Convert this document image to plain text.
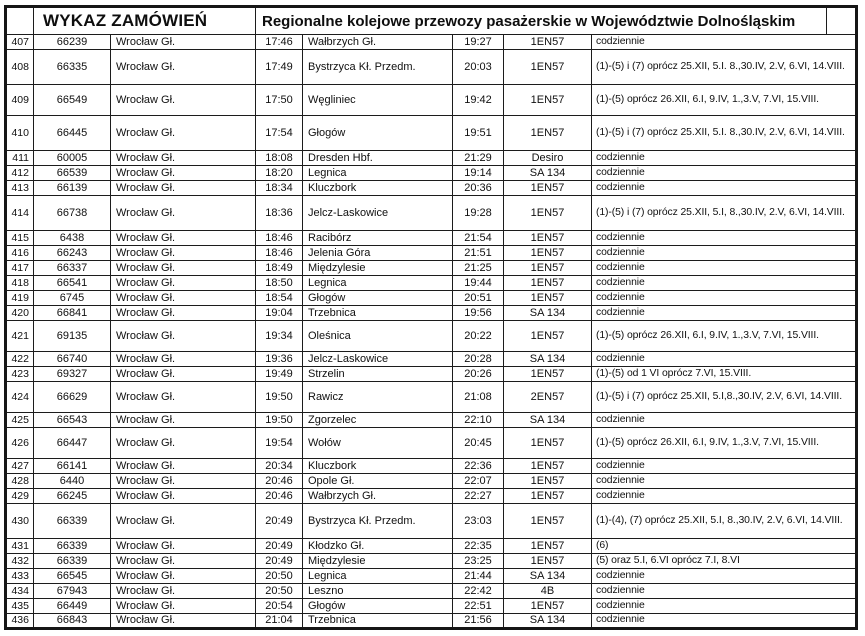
	WYKAZ ZAMÓWIEŃ		Regionalne kolejowe przewozy pasażerskie w Województwie Dolnośląskim				
407	66239	Wrocław Gł.	17:46	Wałbrzych Gł.	19:27	1EN57	codziennie
408	66335	Wrocław Gł.	17:49	Bystrzyca Kł. Przedm.	20:03	1EN57	(1)-(5) i (7) oprócz 25.XII, 5.I. 8.,30.IV, 2.V, 6.VI, 14.VIII.
409	66549	Wrocław Gł.	17:50	Węgliniec	19:42	1EN57	(1)-(5) oprócz 26.XII, 6.I, 9.IV, 1.,3.V, 7.VI, 15.VIII.
410	66445	Wrocław Gł.	17:54	Głogów	19:51	1EN57	(1)-(5) i (7) oprócz 25.XII, 5.I. 8.,30.IV, 2.V, 6.VI, 14.VIII.
411	60005	Wrocław Gł.	18:08	Dresden Hbf.	21:29	Desiro	codziennie
412	66539	Wrocław Gł.	18:20	Legnica	19:14	SA 134	codziennie
413	66139	Wrocław Gł.	18:34	Kluczbork	20:36	1EN57	codziennie
414	66738	Wrocław Gł.	18:36	Jelcz-Laskowice	19:28	1EN57	(1)-(5) i (7) oprócz 25.XII, 5.I, 8.,30.IV, 2.V, 6.VI, 14.VIII.
415	6438	Wrocław Gł.	18:46	Racibórz	21:54	1EN57	codziennie
416	66243	Wrocław Gł.	18:46	Jelenia Góra	21:51	1EN57	codziennie
417	66337	Wrocław Gł.	18:49	Międzylesie	21:25	1EN57	codziennie
418	66541	Wrocław Gł.	18:50	Legnica	19:44	1EN57	codziennie
419	6745	Wrocław Gł.	18:54	Głogów	20:51	1EN57	codziennie
420	66841	Wrocław Gł.	19:04	Trzebnica	19:56	SA 134	codziennie
421	69135	Wrocław Gł.	19:34	Oleśnica	20:22	1EN57	(1)-(5) oprócz 26.XII, 6.I, 9.IV, 1.,3.V, 7.VI, 15.VIII.
422	66740	Wrocław Gł.	19:36	Jelcz-Laskowice	20:28	SA 134	codziennie
423	69327	Wrocław Gł.	19:49	Strzelin	20:26	1EN57	(1)-(5) od 1 VI oprócz 7.VI, 15.VIII.
424	66629	Wrocław Gł.	19:50	Rawicz	21:08	2EN57	(1)-(5) i (7) oprócz 25.XII, 5.I,8.,30.IV, 2.V, 6.VI, 14.VIII.
425	66543	Wrocław Gł.	19:50	Zgorzelec	22:10	SA 134	codziennie
426	66447	Wrocław Gł.	19:54	Wołów	20:45	1EN57	(1)-(5) oprócz 26.XII, 6.I, 9.IV, 1.,3.V, 7.VI, 15.VIII.
427	66141	Wrocław Gł.	20:34	Kluczbork	22:36	1EN57	codziennie
428	6440	Wrocław Gł.	20:46	Opole Gł.	22:07	1EN57	codziennie
429	66245	Wrocław Gł.	20:46	Wałbrzych Gł.	22:27	1EN57	codziennie
430	66339	Wrocław Gł.	20:49	Bystrzyca Kł. Przedm.	23:03	1EN57	(1)-(4), (7) oprócz 25.XII, 5.I, 8.,30.IV, 2.V, 6.VI, 14.VIII.
431	66339	Wrocław Gł.	20:49	Kłodzko Gł.	22:35	1EN57	(6)
432	66339	Wrocław Gł.	20:49	Międzylesie	23:25	1EN57	(5) oraz 5.I, 6.VI oprócz 7.I, 8.VI
433	66545	Wrocław Gł.	20:50	Legnica	21:44	SA 134	codziennie
434	67943	Wrocław Gł.	20:50	Leszno	22:42	4B	codziennie
435	66449	Wrocław Gł.	20:54	Głogów	22:51	1EN57	codziennie
436	66843	Wrocław Gł.	21:04	Trzebnica	21:56	SA 134	codziennie
